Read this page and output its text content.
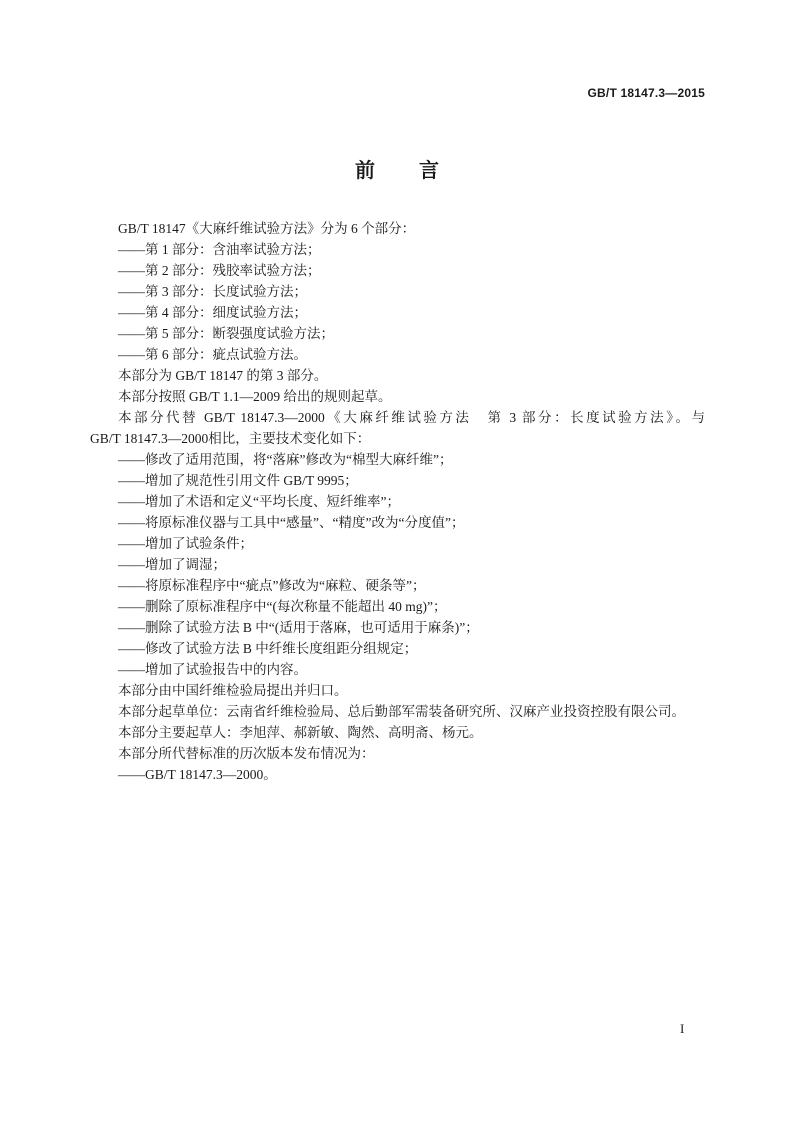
GB/T 18147.3—2015
前　言
GB/T 18147《大麻纤维试验方法》分为 6 个部分：
——第 1 部分：含油率试验方法；
——第 2 部分：残胶率试验方法；
——第 3 部分：长度试验方法；
——第 4 部分：细度试验方法；
——第 5 部分：断裂强度试验方法；
——第 6 部分：疵点试验方法。
本部分为 GB/T 18147 的第 3 部分。
本部分按照 GB/T 1.1—2009 给出的规则起草。
本部分代替 GB/T 18147.3—2000《大麻纤维试验方法　第 3 部分：长度试验方法》。与
GB/T 18147.3—2000相比，主要技术变化如下：
——修改了适用范围，将“落麻”修改为“棉型大麻纤维”；
——增加了规范性引用文件 GB/T 9995；
——增加了术语和定义“平均长度、短纤维率”；
——将原标准仪器与工具中“感量”、“精度”改为“分度值”；
——增加了试验条件；
——增加了调湿；
——将原标准程序中“疵点”修改为“麻粒、硬条等”；
——删除了原标准程序中“(每次称量不能超出 40 mg)”；
——删除了试验方法 B 中“(适用于落麻，也可适用于麻条)”；
——修改了试验方法 B 中纤维长度组距分组规定；
——增加了试验报告中的内容。
本部分由中国纤维检验局提出并归口。
本部分起草单位：云南省纤维检验局、总后勤部军需装备研究所、汉麻产业投资控股有限公司。
本部分主要起草人：李旭萍、郝新敏、陶然、高明斋、杨元。
本部分所代替标准的历次版本发布情况为：
——GB/T 18147.3—2000。
I
